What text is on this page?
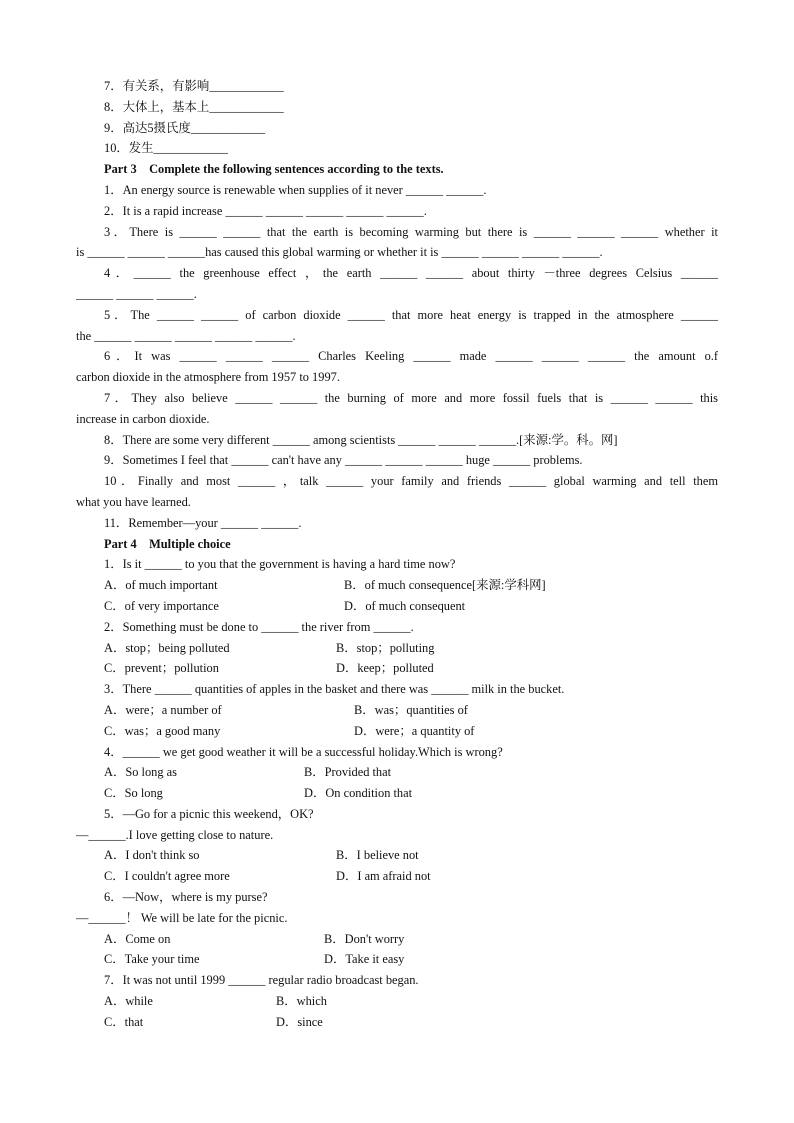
7．有关系，有影响____________
8．大体上，基本上____________
9．高达5摄氏度____________
10．发生____________
Part 3　Complete the following sentences according to the texts.
1．An energy source is renewable when supplies of it never ______ ______.
2．It is a rapid increase ______ ______ ______ ______ ______.
3．There is ______ ______ that the earth is becoming warming but there is ______ ______ ______ whether it
is ______ ______ ______has caused this global warming or whether it is ______ ______ ______ ______.
4．______ the greenhouse effect ，the earth ______ ______ about thirty －three degrees Celsius ______
______ ______ ______.
5．The ______ ______ of carbon dioxide ______ that more heat energy is trapped in the atmosphere ______
the ______ ______ ______ ______ ______.
6．It was ______ ______ ______ Charles Keeling ______ made ______ ______ ______ the amount o.f
carbon dioxide in the atmosphere from 1957 to 1997.
7．They also believe ______ ______ the burning of more and more fossil fuels that is ______ ______ this
increase in carbon dioxide.
8．There are some very different ______ among scientists ______ ______ ______.[来源:学。科。网]
9．Sometimes I feel that ______ can't have any ______ ______ ______ huge ______ problems.
10．Finally and most ______ ，talk ______ your family and friends ______ global warming and tell them
what you have learned.
11．Remember—your ______ ______.
Part 4　Multiple choice
1．Is it ______ to you that the government is having a hard time now?
A．of much important	B．of much consequence[来源:学科网]
C．of very importance	D．of much consequent
2．Something must be done to ______ the river from ______.
A．stop；being polluted	B．stop；polluting
C．prevent；pollution	D．keep；polluted
3．There ______ quantities of apples in the basket and there was ______ milk in the bucket.
A．were；a number of	B．was；quantities of
C．was；a good many	D．were；a quantity of
4．______ we get good weather it will be a successful holiday.Which is wrong?
A．So long as	B．Provided that
C．So long	D．On condition that
5．—Go for a picnic this weekend，OK?
—______.I love getting close to nature.
A．I don't think so	B．I believe not
C．I couldn't agree more	D．I am afraid not
6．—Now，where is my purse?
—______！ We will be late for the picnic.
A．Come on	B．Don't worry
C．Take your time	D．Take it easy
7．It was not until 1999 ______ regular radio broadcast began.
A．while	B．which
C．that	D．since
